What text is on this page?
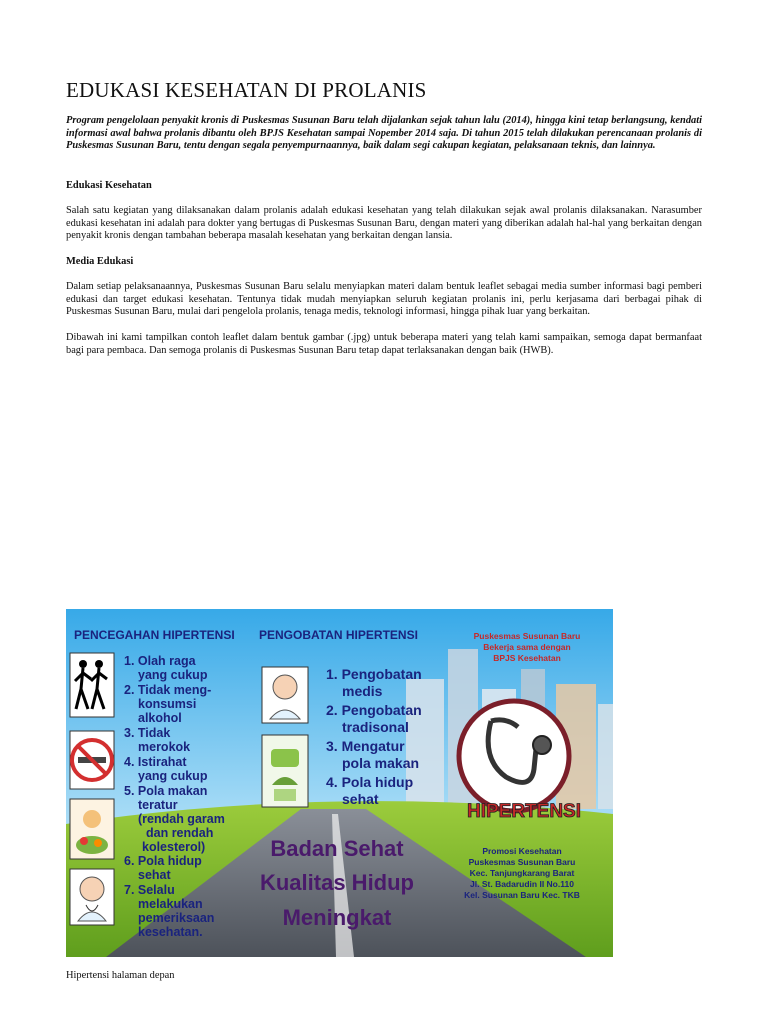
EDUKASI KESEHATAN DI PROLANIS

Program pengelolaan penyakit kronis di Puskesmas Susunan Baru telah dijalankan sejak tahun lalu (2014), hingga kini tetap berlangsung, kendati informasi awal bahwa prolanis dibantu oleh BPJS Kesehatan sampai Nopember 2014 saja. Di tahun 2015 telah dilakukan perencanaan prolanis di Puskesmas Susunan Baru, tentu dengan segala penyempurnaannya, baik dalam segi cakupan kegiatan, pelaksanaan teknis, dan lainnya.

Edukasi Kesehatan

Salah satu kegiatan yang dilaksanakan dalam prolanis adalah edukasi kesehatan yang telah dilakukan sejak awal prolanis dilaksanakan. Narasumber edukasi kesehatan ini adalah para dokter yang bertugas di Puskesmas Susunan Baru, dengan materi yang diberikan adalah hal-hal yang berkaitan dengan penyakit kronis dengan tambahan beberapa masalah kesehatan yang berkaitan dengan lansia.

Media Edukasi

Dalam setiap pelaksanaannya, Puskesmas Susunan Baru selalu menyiapkan materi dalam bentuk leaflet sebagai media sumber informasi bagi pemberi edukasi dan target edukasi kesehatan. Tentunya tidak mudah menyiapkan seluruh kegiatan prolanis ini, perlu kerjasama dari berbagai pihak di Puskesmas Susunan Baru, mulai dari pengelola prolanis, tenaga medis, teknologi informasi, hingga pihak luar yang berkaitan.

Dibawah ini kami tampilkan contoh leaflet dalam bentuk gambar (.jpg) untuk beberapa materi yang telah kami sampaikan, semoga dapat bermanfaat bagi para pembaca. Dan semoga prolanis di Puskesmas Susunan Baru tetap dapat terlaksanakan dengan baik (HWB).

PENCEGAHAN HIPERTENSI PENGOBATAN HIPERTENSI
1. Olah raga
yang cukup
2. Tidak meng-
konsumsi
alkohol
3. Tidak
merokok
4. Istirahat
yang cukup
5. Pola makan
teratur
(rendah garam
dan rendah
kolesterol)
6. Pola hidup
sehat
7. Selalu
melakukan
pemeriksaan
kesehatan.
1. Pengobatan
medis
2. Pengobatan
tradisonal
3. Mengatur
pola makan
4. Pola hidup
sehat
Badan Sehat
Kualitas Hidup
Meningkat
Puskesmas Susunan Baru
Bekerja sama dengan
BPJS Kesehatan
HIPERTENSI
Promosi Kesehatan
Puskesmas Susunan Baru
Kec. Tanjungkarang Barat
Jl. St. Badarudin II No.110
Kel. Susunan Baru Kec. TKB
Hipertensi halaman depan
